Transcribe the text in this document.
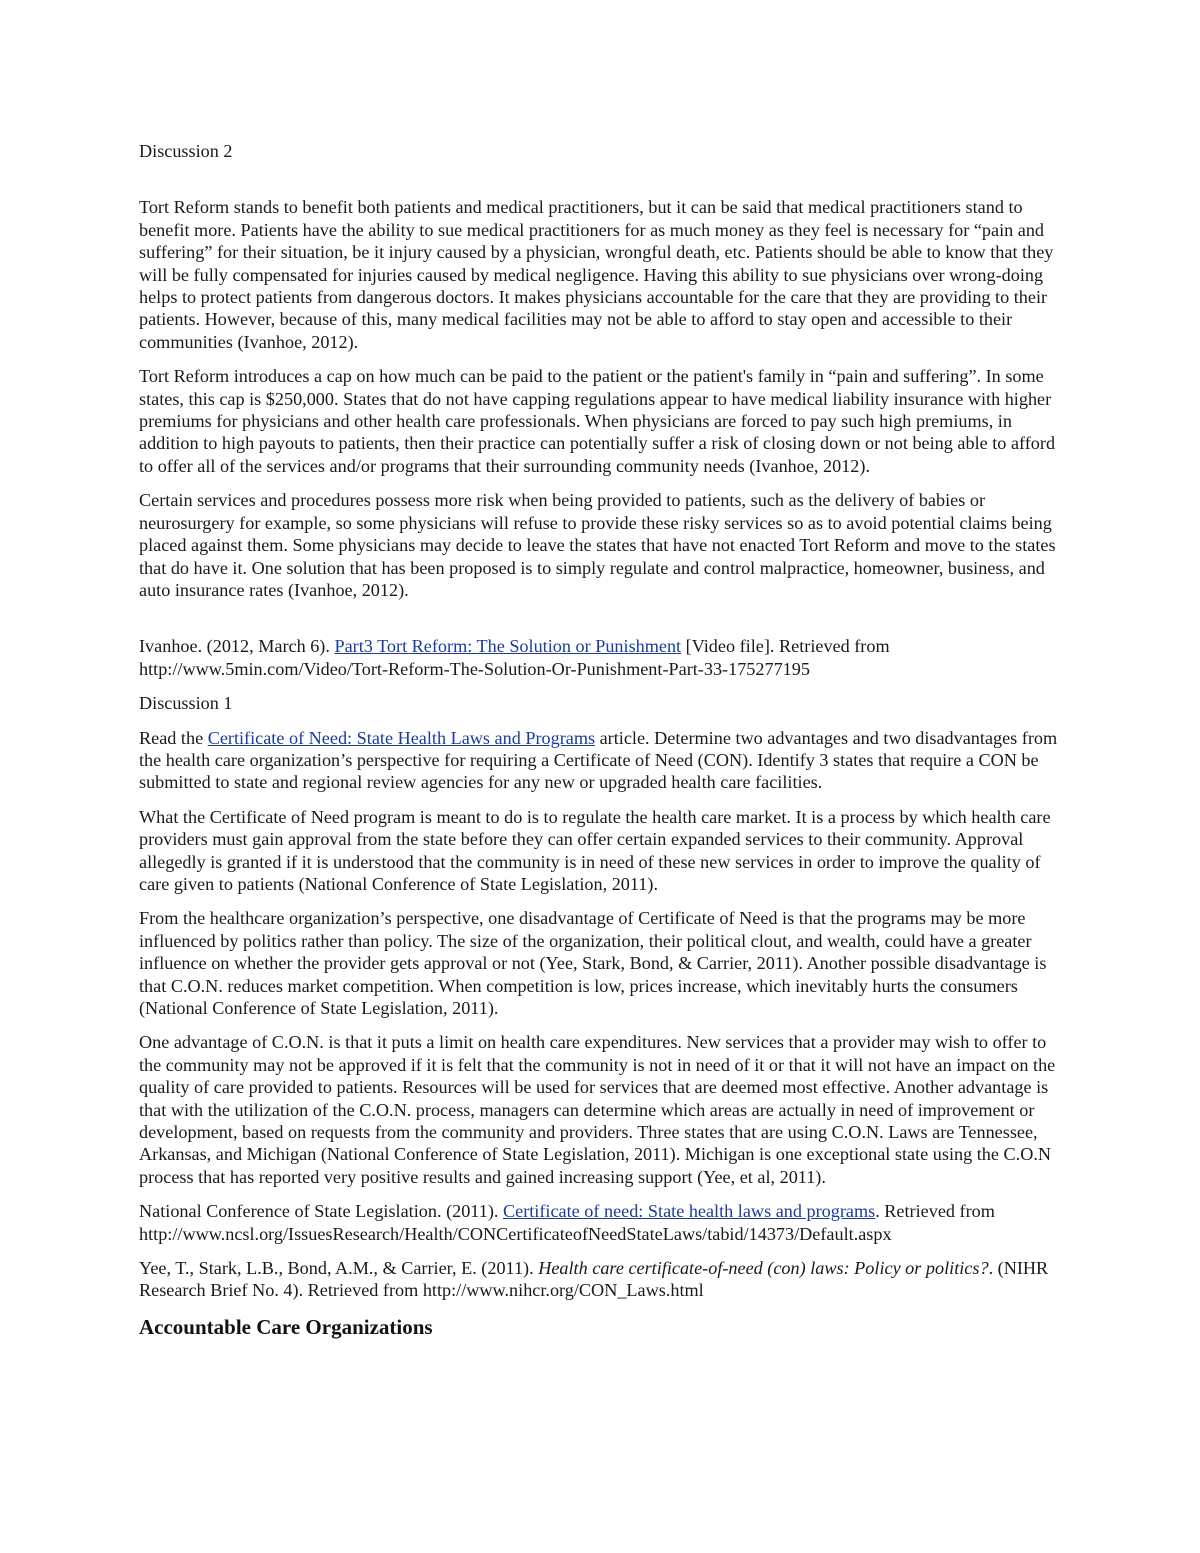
Discussion 2

Tort Reform stands to benefit both patients and medical practitioners, but it can be said that medical practitioners stand to benefit more. Patients have the ability to sue medical practitioners for as much money as they feel is necessary for “pain and suffering” for their situation, be it injury caused by a physician, wrongful death, etc. Patients should be able to know that they will be fully compensated for injuries caused by medical negligence. Having this ability to sue physicians over wrong-doing helps to protect patients from dangerous doctors. It makes physicians accountable for the care that they are providing to their patients. However, because of this, many medical facilities may not be able to afford to stay open and accessible to their communities (Ivanhoe, 2012).

Tort Reform introduces a cap on how much can be paid to the patient or the patient's family in “pain and suffering”. In some states, this cap is $250,000. States that do not have capping regulations appear to have medical liability insurance with higher premiums for physicians and other health care professionals. When physicians are forced to pay such high premiums, in addition to high payouts to patients, then their practice can potentially suffer a risk of closing down or not being able to afford to offer all of the services and/or programs that their surrounding community needs (Ivanhoe, 2012).

Certain services and procedures possess more risk when being provided to patients, such as the delivery of babies or neurosurgery for example, so some physicians will refuse to provide these risky services so as to avoid potential claims being placed against them. Some physicians may decide to leave the states that have not enacted Tort Reform and move to the states that do have it. One solution that has been proposed is to simply regulate and control malpractice, homeowner, business, and auto insurance rates (Ivanhoe, 2012).

Ivanhoe. (2012, March 6). Part3 Tort Reform: The Solution or Punishment [Video file]. Retrieved from http://www.5min.com/Video/Tort-Reform-The-Solution-Or-Punishment-Part-33-175277195

Discussion 1

Read the Certificate of Need: State Health Laws and Programs article. Determine two advantages and two disadvantages from the health care organization’s perspective for requiring a Certificate of Need (CON). Identify 3 states that require a CON be submitted to state and regional review agencies for any new or upgraded health care facilities.

What the Certificate of Need program is meant to do is to regulate the health care market. It is a process by which health care providers must gain approval from the state before they can offer certain expanded services to their community. Approval allegedly is granted if it is understood that the community is in need of these new services in order to improve the quality of care given to patients (National Conference of State Legislation, 2011).

From the healthcare organization’s perspective, one disadvantage of Certificate of Need is that the programs may be more influenced by politics rather than policy. The size of the organization, their political clout, and wealth, could have a greater influence on whether the provider gets approval or not (Yee, Stark, Bond, & Carrier, 2011). Another possible disadvantage is that C.O.N. reduces market competition. When competition is low, prices increase, which inevitably hurts the consumers (National Conference of State Legislation, 2011).

One advantage of C.O.N. is that it puts a limit on health care expenditures. New services that a provider may wish to offer to the community may not be approved if it is felt that the community is not in need of it or that it will not have an impact on the quality of care provided to patients. Resources will be used for services that are deemed most effective. Another advantage is that with the utilization of the C.O.N. process, managers can determine which areas are actually in need of improvement or development, based on requests from the community and providers. Three states that are using C.O.N. Laws are Tennessee, Arkansas, and Michigan (National Conference of State Legislation, 2011). Michigan is one exceptional state using the C.O.N process that has reported very positive results and gained increasing support (Yee, et al, 2011).

National Conference of State Legislation. (2011). Certificate of need: State health laws and programs. Retrieved from http://www.ncsl.org/IssuesResearch/Health/CONCertificateofNeedStateLaws/tabid/14373/Default.aspx

Yee, T., Stark, L.B., Bond, A.M., & Carrier, E. (2011). Health care certificate-of-need (con) laws: Policy or politics?. (NIHR Research Brief No. 4). Retrieved from http://www.nihcr.org/CON_Laws.html

Accountable Care Organizations
